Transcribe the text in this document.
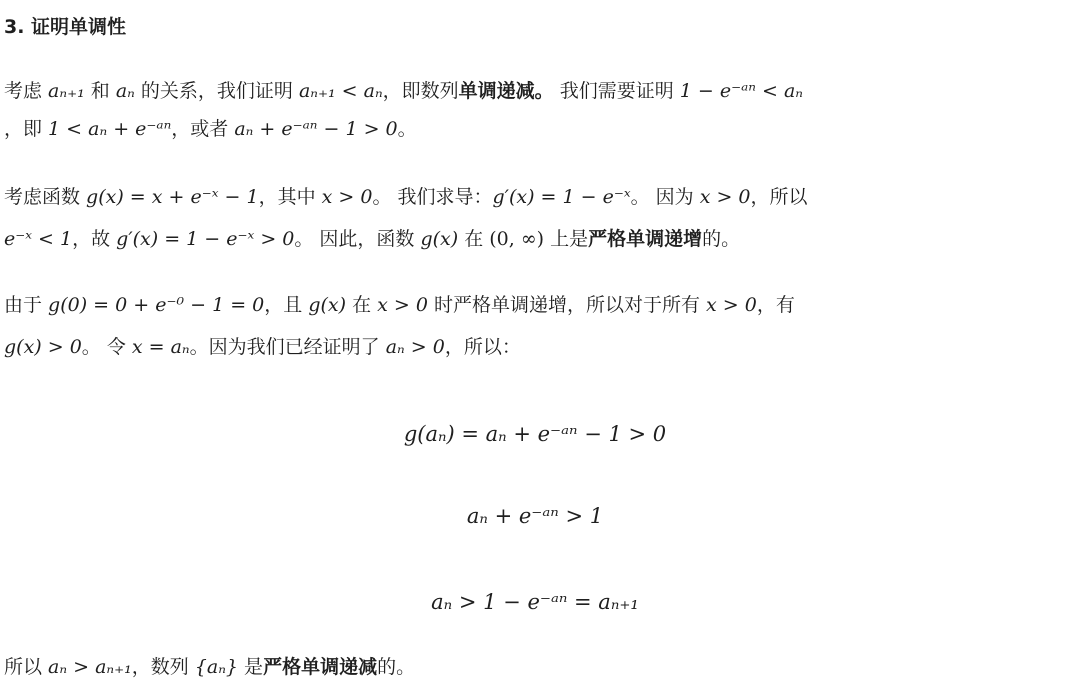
3. 证明单调性
考虑 aₙ₊₁ 和 aₙ 的关系，我们证明 aₙ₊₁ < aₙ，即数列单调递减。 我们需要证明 1 − e⁻ᵃⁿ < aₙ
，即 1 < aₙ + e⁻ᵃⁿ，或者 aₙ + e⁻ᵃⁿ − 1 > 0。
考虑函数 g(x) = x + e⁻ˣ − 1，其中 x > 0。 我们求导：g′(x) = 1 − e⁻ˣ。 因为 x > 0，所以
e⁻ˣ < 1，故 g′(x) = 1 − e⁻ˣ > 0。 因此，函数 g(x) 在 (0, ∞) 上是严格单调递增的。
由于 g(0) = 0 + e⁻⁰ − 1 = 0，且 g(x) 在 x > 0 时严格单调递增，所以对于所有 x > 0，有
g(x) > 0。 令 x = aₙ。因为我们已经证明了 aₙ > 0，所以：
g(aₙ) = aₙ + e⁻ᵃⁿ − 1 > 0
aₙ + e⁻ᵃⁿ > 1
aₙ > 1 − e⁻ᵃⁿ = aₙ₊₁
所以 aₙ > aₙ₊₁，数列 {aₙ} 是严格单调递减的。
